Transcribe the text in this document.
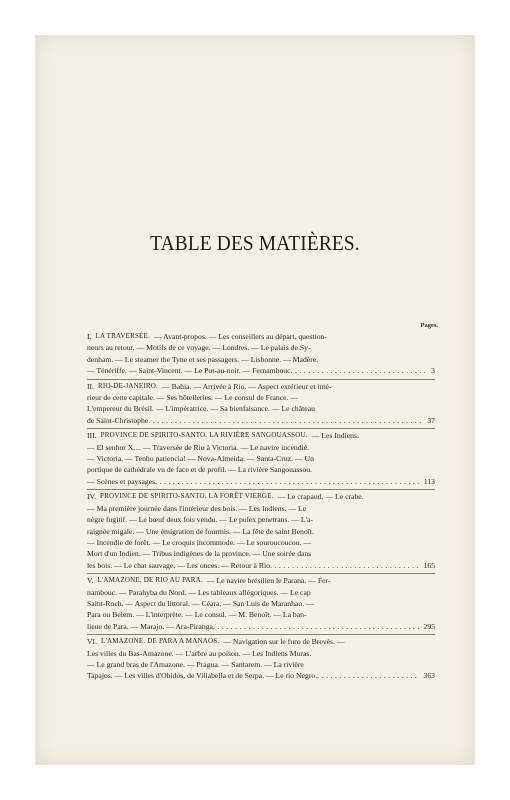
TABLE DES MATIÈRES.
Pages.
I. LA TRAVERSÉE. — Avant-propos. — Les conseillers au départ, question-
neurs au retour. — Motifs de ce voyage. — Londres. — Le palais de Sy-
denham. — Le steamer the Tyne et ses passagers. — Lisbonne. — Madère.
— Ténériffe. — Saint-Vincent. — Le Pot-au-noir. — Fernambouc . . .	3
II. RIO-DE-JANEIRO. — Bahia. — Arrivée à Rio. — Aspect extérieur et inté-
rieur de cette capitale. — Ses hôtelleries. — Le consul de France. —
L'empereur du Brésil. — L'impératrice. — Sa bienfaisance. — Le château
de Saint-Christophe . . .	37
III. PROVINCE DE SPIRITO-SANTO. LA RIVIÈRE SANGOUASSOU. — Les Indiens.
— El senhor X.... — Traversée de Rio à Victoria. — Le navire incendié.
— Victoria. — Tenho patiencia! — Nova-Almeida. — Santa-Cruz. — Un
portique de cathédrale vu de face et de profil. — La rivière Sangouassou.
— Scènes et paysages . . .	113
IV. PROVINCE DE SPIRITO-SANTO. LA FORÊT VIERGE. — Le crapaud. — Le crabe.
— Ma première journée dans l'intérieur des bois. — Les Indiens. — Le
nègre fugitif. — Le bœuf deux fois vendu. — Le pulex penetrans. — L'a-
raignée migale. — Une émigration de fourmis. — La fête de saint Benoît.
— Incendie de forêt. — Le croquis incommode. — Le souroucoucou. —
Mort d'un Indien. — Tribus indigènes de la province. — Une soirée dans
les bois. — Le chat sauvage. — Les onces. — Retour à Rio . . .	165
V. L'AMAZONE. DE RIO AU PARA. — Le navire brésilien le Parana. — Fer-
nambouc. — Parahyba du Nord. — Les tableaux allégoriques. — Le cap
Saint-Roch. — Aspect du littoral. — Céara. — San Luis de Maranhao. —
Para ou Belem. — L'interprète. — Le consul. — M. Benoît. — La ban-
lieue de Para. — Marajo. — Ara-Piranga . . .	295
VI. L'AMAZONE. DE PARA A MANAOS. — Navigation sur le furo de Brevès. —
Les villes du Bas-Amazone. — L'arbre au poison. — Les Indiens Muras.
— Le grand bras de l'Amazone. — Pragua. — Santarem. — La rivière
Tapajos. — Les villes d'Obidos, de Villabella et de Serpa. — Le rio Negro. . . .	363
